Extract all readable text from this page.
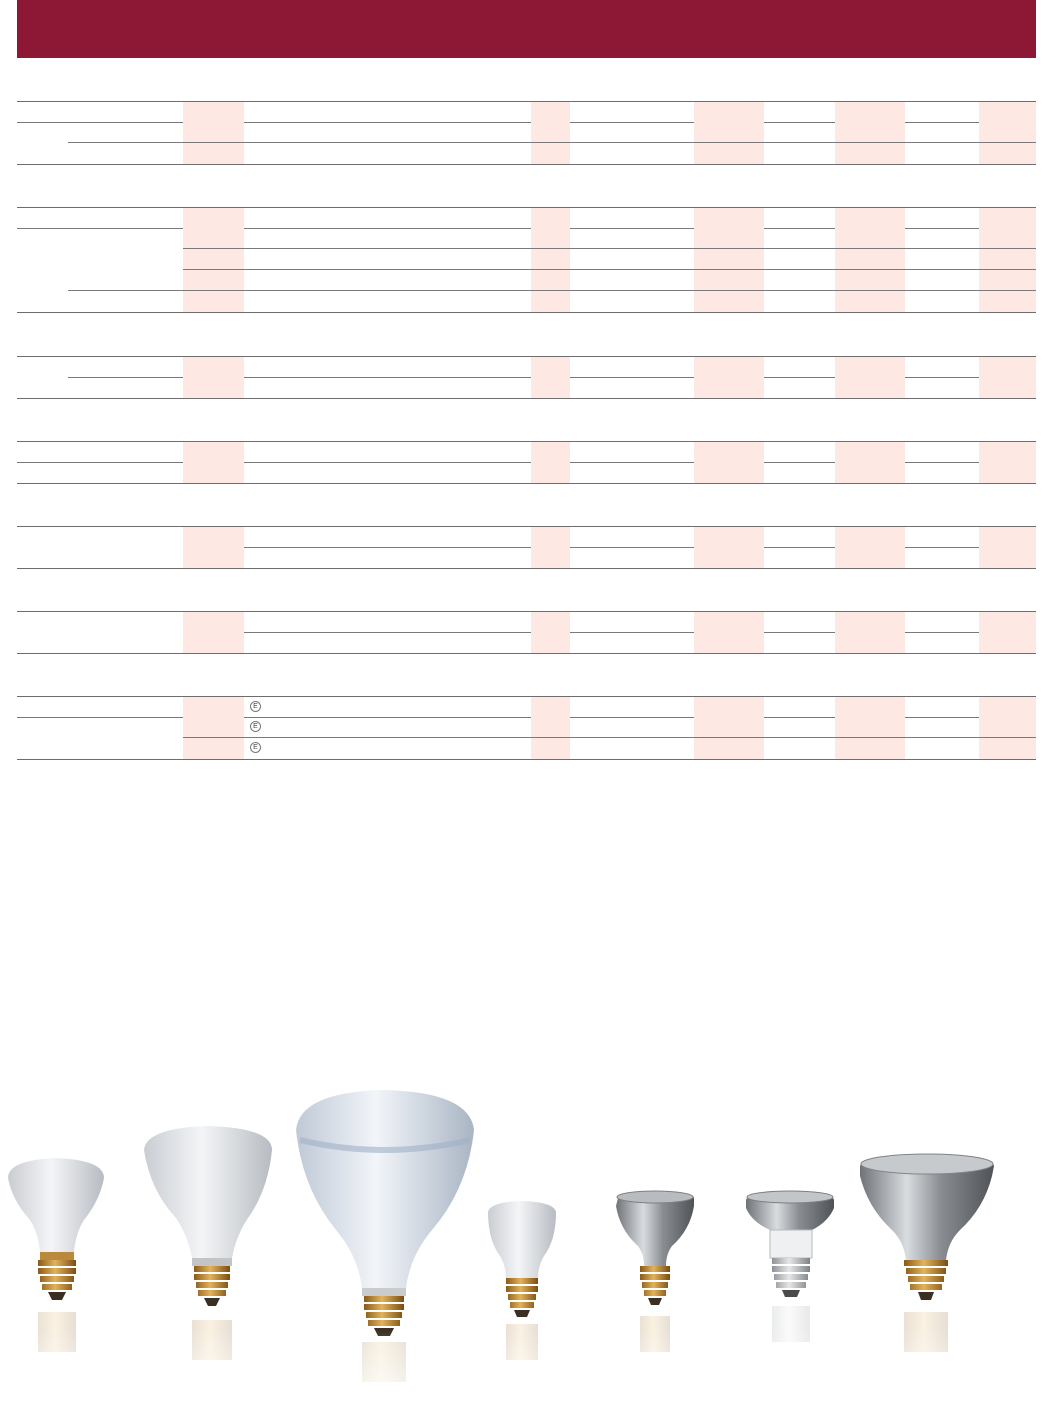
E
E
E
